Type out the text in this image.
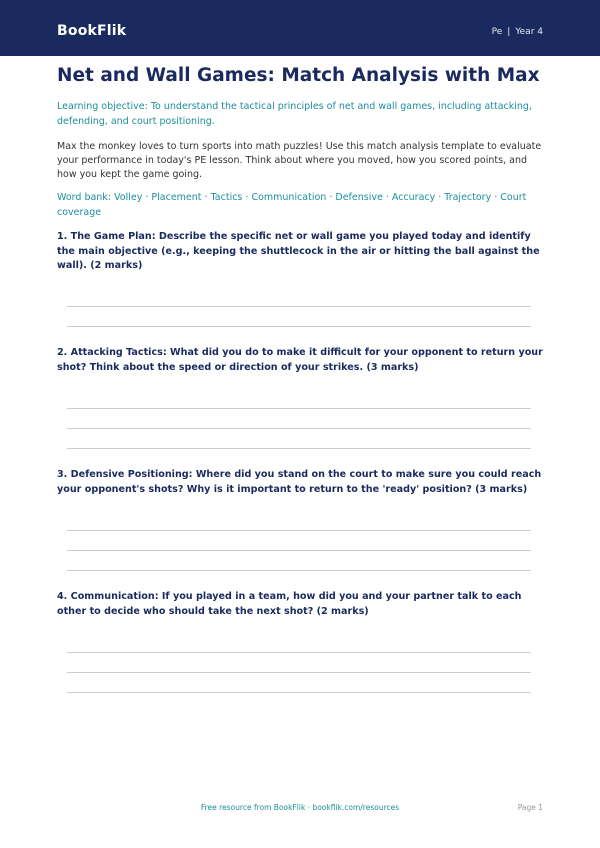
BookFlik	Pe | Year 4
Net and Wall Games: Match Analysis with Max
Learning objective: To understand the tactical principles of net and wall games, including attacking, defending, and court positioning.
Max the monkey loves to turn sports into math puzzles! Use this match analysis template to evaluate your performance in today's PE lesson. Think about where you moved, how you scored points, and how you kept the game going.
Word bank: Volley · Placement · Tactics · Communication · Defensive · Accuracy · Trajectory · Court coverage
1. The Game Plan: Describe the specific net or wall game you played today and identify the main objective (e.g., keeping the shuttlecock in the air or hitting the ball against the wall). (2 marks)
2. Attacking Tactics: What did you do to make it difficult for your opponent to return your shot? Think about the speed or direction of your strikes. (3 marks)
3. Defensive Positioning: Where did you stand on the court to make sure you could reach your opponent's shots? Why is it important to return to the 'ready' position? (3 marks)
4. Communication: If you played in a team, how did you and your partner talk to each other to decide who should take the next shot? (2 marks)
Free resource from BookFlik · bookflik.com/resources	Page 1
